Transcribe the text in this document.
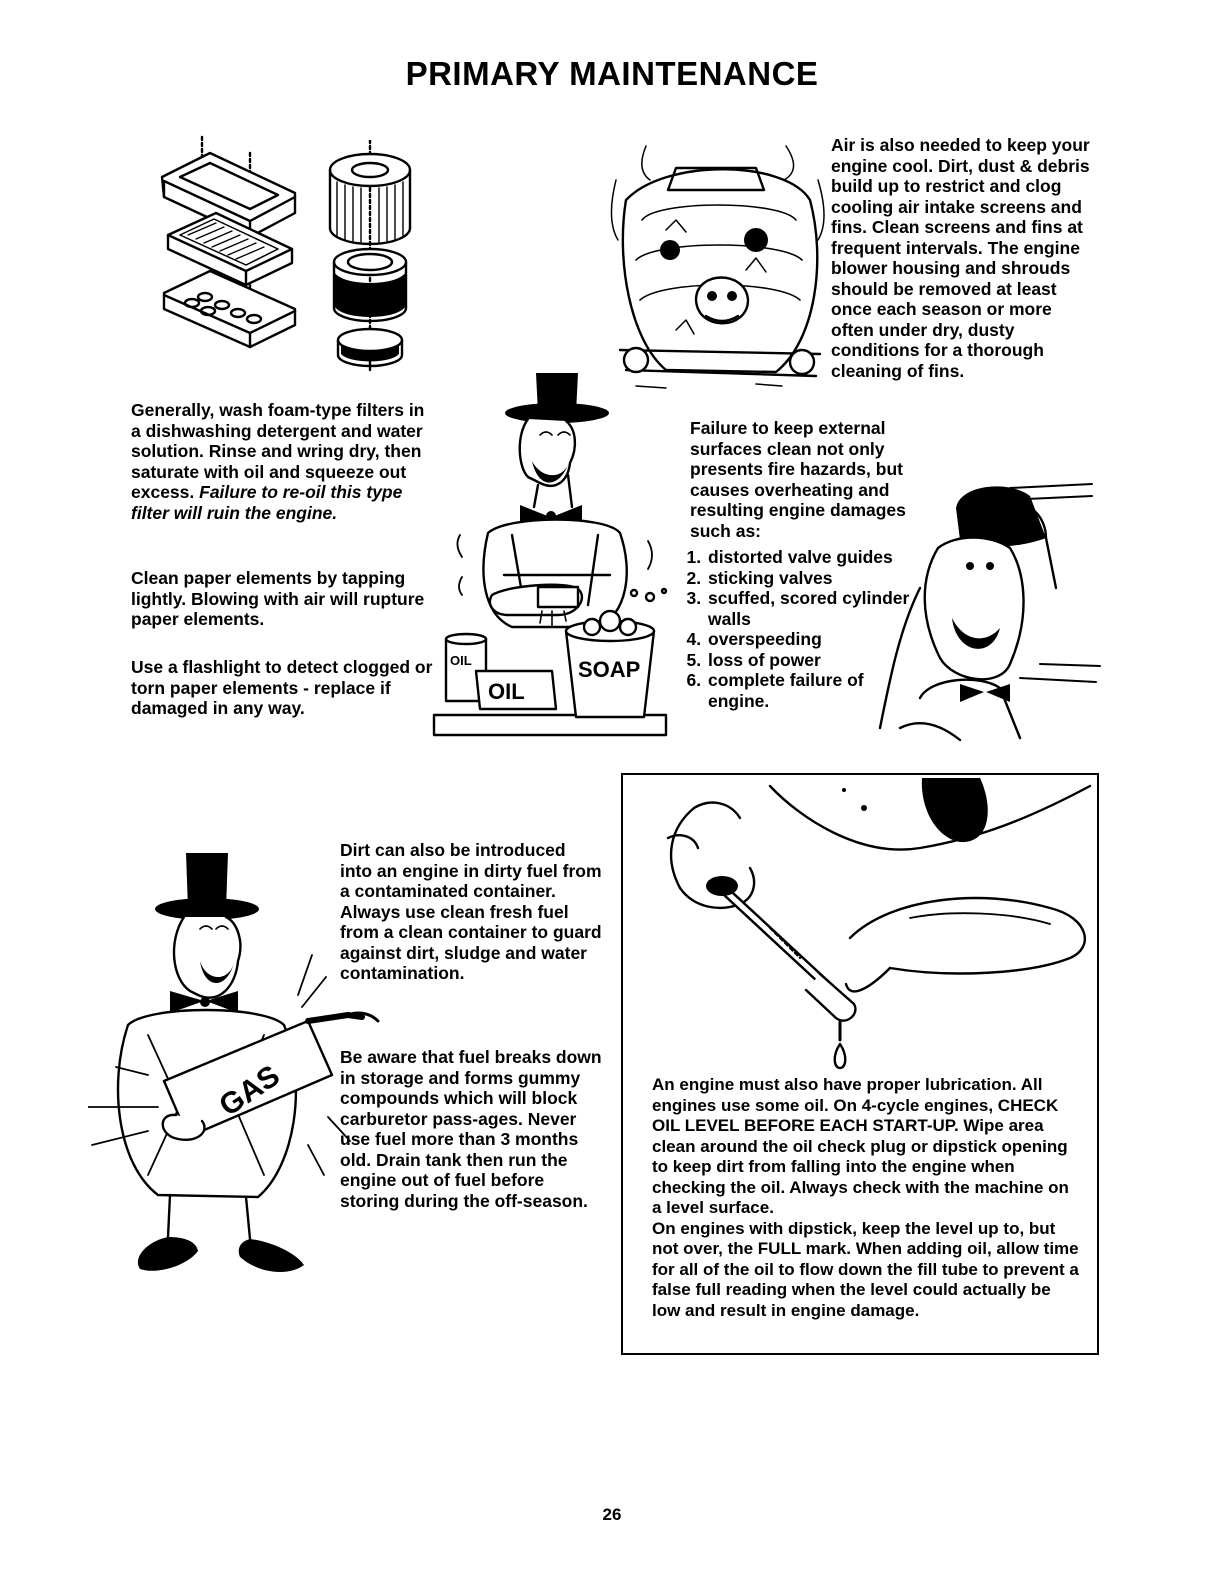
PRIMARY MAINTENANCE

Generally, wash foam-type filters in a dishwashing detergent and water solution. Rinse and wring dry, then saturate with oil and squeeze out excess. Failure to re-oil this type filter will ruin the engine.

Clean paper elements by tapping lightly. Blowing with air will rupture paper elements.
Use a flashlight to detect clogged or torn paper elements - replace if damaged in any way.
OIL
OIL
SOAP
Air is also needed to keep your engine cool. Dirt, dust & debris build up to restrict and clog cooling air intake screens and fins. Clean screens and fins at frequent intervals. The engine blower housing and shrouds should be removed at least once each season or more often under dry, dusty conditions for a thorough cleaning of fins.
Failure to keep external surfaces clean not only presents fire hazards, but causes overheating and resulting engine damages such as:
1. distorted valve guides
2. sticking valves
3. scuffed, scored cylinder walls
4. overspeeding
5. loss of power
6. complete failure of engine.
GAS
Dirt can also be introduced into an engine in dirty fuel from a contaminated container. Always use clean fresh fuel from a clean container to guard against dirt, sludge and water contamination.
Be aware that fuel breaks down in storage and forms gummy compounds which will block carburetor pass-ages. Never use fuel more than 3 months old. Drain tank then run the engine out of fuel before storing during the off-season.

An engine must also have proper lubrication. All engines use some oil. On 4-cycle engines, CHECK OIL LEVEL BEFORE EACH START-UP. Wipe area clean around the oil check plug or dipstick opening to keep dirt from falling into the engine when checking the oil. Always check with the machine on a level surface.

On engines with dipstick, keep the level up to, but not over, the FULL mark. When adding oil, allow time for all of the oil to flow down the fill tube to prevent a false full reading when the level could actually be low and result in engine damage.

26
